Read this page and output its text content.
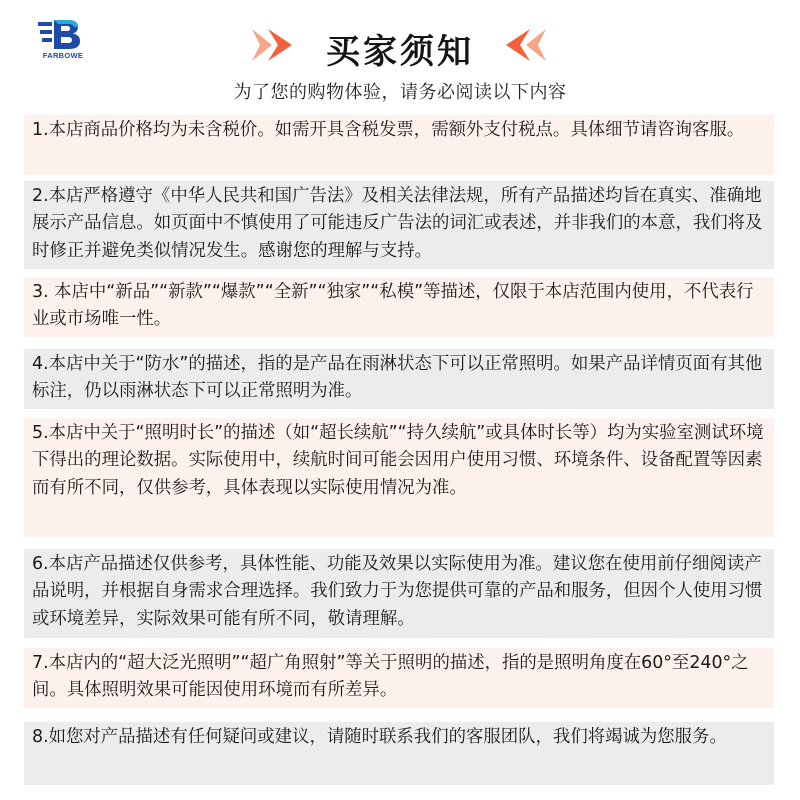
FARBOWE	买家须知
为了您的购物体验，请务必阅读以下内容
1.本店商品价格均为未含税价。如需开具含税发票，需额外支付税点。具体细节请咨询客服。
2.本店严格遵守《中华人民共和国广告法》及相关法律法规，所有产品描述均旨在真实、准确地展示产品信息。如页面中不慎使用了可能违反广告法的词汇或表述，并非我们的本意，我们将及时修正并避免类似情况发生。感谢您的理解与支持。
3. 本店中“新品”“新款”“爆款”“全新”“独家”“私模”等描述，仅限于本店范围内使用，不代表行业或市场唯一性。
4.本店中关于“防水”的描述，指的是产品在雨淋状态下可以正常照明。如果产品详情页面有其他标注，仍以雨淋状态下可以正常照明为准。
5.本店中关于“照明时长”的描述（如“超长续航”“持久续航”或具体时长等）均为实验室测试环境下得出的理论数据。实际使用中，续航时间可能会因用户使用习惯、环境条件、设备配置等因素而有所不同，仅供参考，具体表现以实际使用情况为准。
6.本店产品描述仅供参考，具体性能、功能及效果以实际使用为准。建议您在使用前仔细阅读产品说明，并根据自身需求合理选择。我们致力于为您提供可靠的产品和服务，但因个人使用习惯或环境差异，实际效果可能有所不同，敬请理解。
7.本店内的“超大泛光照明”“超广角照射”等关于照明的描述，指的是照明角度在60°至240°之间。具体照明效果可能因使用环境而有所差异。
8.如您对产品描述有任何疑问或建议，请随时联系我们的客服团队，我们将竭诚为您服务。
